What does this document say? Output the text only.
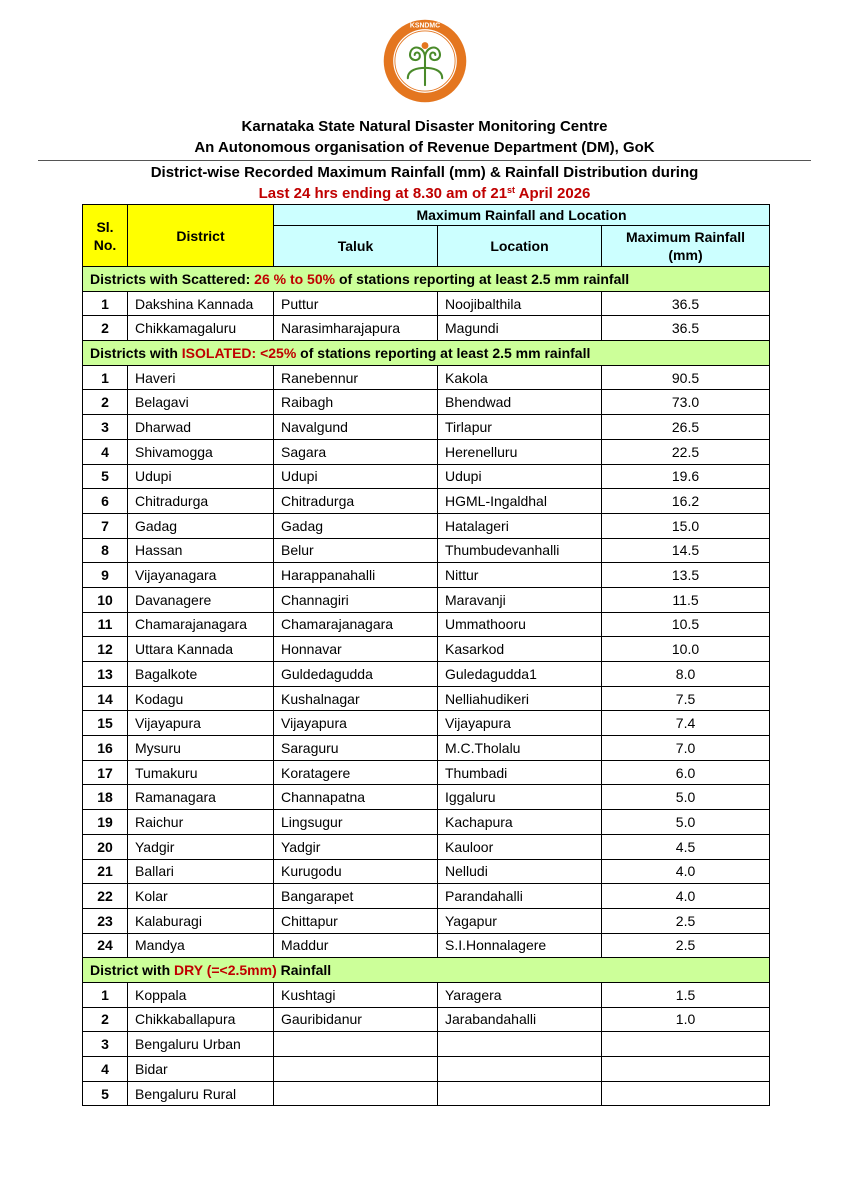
KSNDMC
Karnataka State Natural Disaster Monitoring Centre
An Autonomous organisation of Revenue Department (DM), GoK
District-wise Recorded Maximum Rainfall (mm) & Rainfall Distribution during
Last 24 hrs ending at 8.30 am of 21st April 2026
Sl. No.	District	Maximum Rainfall and Location		
		Taluk	Location	Maximum Rainfall (mm)
Districts with Scattered: 26 % to 50% of stations reporting at least 2.5 mm rainfall				
1	Dakshina Kannada	Puttur	Noojibalthila	36.5
2	Chikkamagaluru	Narasimharajapura	Magundi	36.5
Districts with ISOLATED: <25% of stations reporting at least 2.5 mm rainfall				
1	Haveri	Ranebennur	Kakola	90.5
2	Belagavi	Raibagh	Bhendwad	73.0
3	Dharwad	Navalgund	Tirlapur	26.5
4	Shivamogga	Sagara	Herenelluru	22.5
5	Udupi	Udupi	Udupi	19.6
6	Chitradurga	Chitradurga	HGML-Ingaldhal	16.2
7	Gadag	Gadag	Hatalageri	15.0
8	Hassan	Belur	Thumbudevanhalli	14.5
9	Vijayanagara	Harappanahalli	Nittur	13.5
10	Davanagere	Channagiri	Maravanji	11.5
11	Chamarajanagara	Chamarajanagara	Ummathooru	10.5
12	Uttara Kannada	Honnavar	Kasarkod	10.0
13	Bagalkote	Guldedagudda	Guledagudda1	8.0
14	Kodagu	Kushalnagar	Nelliahudikeri	7.5
15	Vijayapura	Vijayapura	Vijayapura	7.4
16	Mysuru	Saraguru	M.C.Tholalu	7.0
17	Tumakuru	Koratagere	Thumbadi	6.0
18	Ramanagara	Channapatna	Iggaluru	5.0
19	Raichur	Lingsugur	Kachapura	5.0
20	Yadgir	Yadgir	Kauloor	4.5
21	Ballari	Kurugodu	Nelludi	4.0
22	Kolar	Bangarapet	Parandahalli	4.0
23	Kalaburagi	Chittapur	Yagapur	2.5
24	Mandya	Maddur	S.I.Honnalagere	2.5
District with DRY (=<2.5mm) Rainfall				
1	Koppala	Kushtagi	Yaragera	1.5
2	Chikkaballapura	Gauribidanur	Jarabandahalli	1.0
3	Bengaluru Urban			
4	Bidar			
5	Bengaluru Rural			
